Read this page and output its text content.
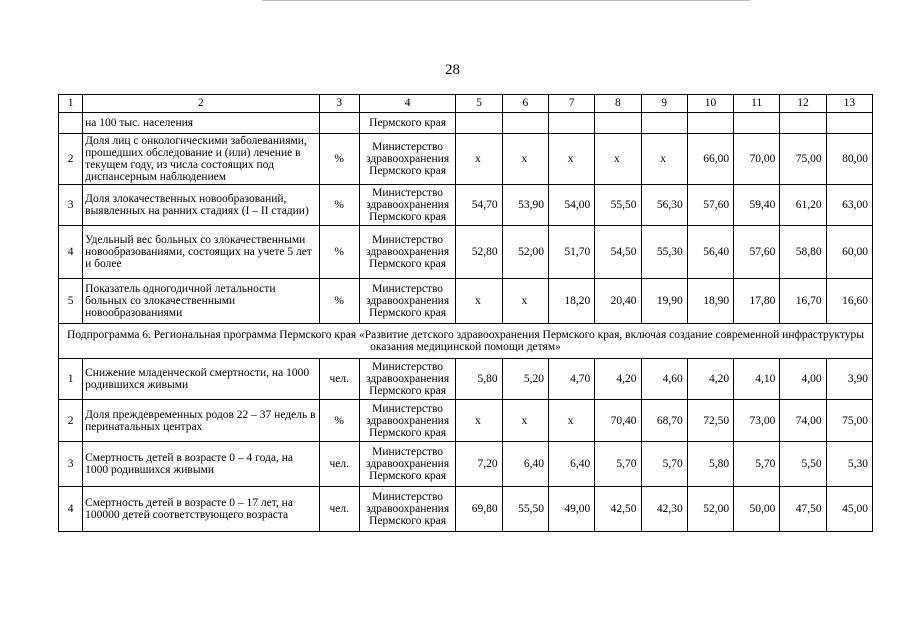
28
1	2	3	4	5	6	7	8	9	10	11	12	13
	на 100 тыс. населения		Пермского края									
2	Доля лиц с онкологическими заболеваниями, прошедших обследование и (или) лечение в текущем году, из числа состоящих под диспансерным наблюдением	%	Министерство здравоохранения Пермского края	х	х	х	х	х	66,00	70,00	75,00	80,00
3	Доля злокачественных новообразований, выявленных на ранних стадиях (I – II стадии)	%	Министерство здравоохранения Пермского края	54,70	53,90	54,00	55,50	56,30	57,60	59,40	61,20	63,00
4	Удельный вес больных со злокачественными новообразованиями, состоящих на учете 5 лет и более	%	Министерство здравоохранения Пермского края	52,80	52,00	51,70	54,50	55,30	56,40	57,60	58,80	60,00
5	Показатель одногодичной летальности больных со злокачественными новообразованиями	%	Министерство здравоохранения Пермского края	х	х	18,20	20,40	19,90	18,90	17,80	16,70	16,60
Подпрограмма 6. Региональная программа Пермского края «Развитие детского здравоохранения Пермского края, включая создание современной инфраструктуры оказания медицинской помощи детям»												
1	Снижение младенческой смертности, на 1000 родившихся живыми	чел.	Министерство здравоохранения Пермского края	5,80	5,20	4,70	4,20	4,60	4,20	4,10	4,00	3,90
2	Доля преждевременных родов 22 – 37 недель в перинатальных центрах	%	Министерство здравоохранения Пермского края	х	х	х	70,40	68,70	72,50	73,00	74,00	75,00
3	Смертность детей в возрасте 0 – 4 года, на 1000 родившихся живыми	чел.	Министерство здравоохранения Пермского края	7,20	6,40	6,40	5,70	5,70	5,80	5,70	5,50	5,30
4	Смертность детей в возрасте 0 – 17 лет, на 100000 детей соответствующего возраста	чел.	Министерство здравоохранения Пермского края	69,80	55,50	49,00	42,50	42,30	52,00	50,00	47,50	45,00
